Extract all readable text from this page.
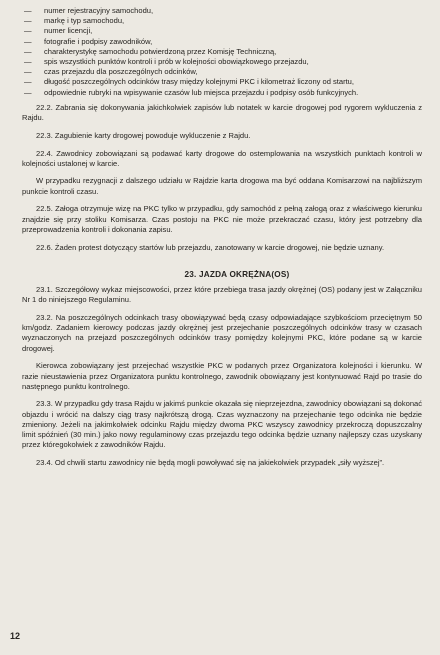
—	numer rejestracyjny samochodu,
—	markę i typ samochodu,
—	numer licencji,
—	fotografie i podpisy zawodników,
—	charakterystykę samochodu potwierdzoną przez Komisję Techniczną,
—	spis wszystkich punktów kontroli i prób w kolejności obowiązkowego przejazdu,
—	czas przejazdu dla poszczególnych odcinków,
—	długość poszczególnych odcinków trasy między kolejnymi PKC i kilometraż liczony od startu,
—	odpowiednie rubryki na wpisywanie czasów lub miejsca przejazdu i podpisy osób funkcyjnych.

22.2. Zabrania się dokonywania jakichkolwiek zapisów lub notatek w karcie drogowej pod rygorem wykluczenia z Rajdu.

22.3. Zagubienie karty drogowej powoduje wykluczenie z Rajdu.

22.4. Zawodnicy zobowiązani są podawać karty drogowe do ostemplowania na wszystkich punktach kontroli w kolejności ustalonej w karcie.

W przypadku rezygnacji z dalszego udziału w Rajdzie karta drogowa ma być oddana Komisarzowi na najbliższym punkcie kontroli czasu.

22.5. Załoga otrzymuje wizę na PKC tylko w przypadku, gdy samochód z pełną załogą oraz z właściwego kierunku znajdzie się przy stoliku Komisarza. Czas postoju na PKC nie może przekraczać czasu, który jest potrzebny dla przeprowadzenia kontroli i dokonania zapisu.

22.6. Żaden protest dotyczący startów lub przejazdu, zanotowany w karcie drogowej, nie będzie uznany.

23. JAZDA OKRĘŻNA(OS)

23.1. Szczegółowy wykaz miejscowości, przez które przebiega trasa jazdy okrężnej (OS) podany jest w Załączniku Nr 1 do niniejszego Regulaminu.

23.2. Na poszczególnych odcinkach trasy obowiązywać będą czasy odpowiadające szybkościom przeciętnym 50 km/godz. Zadaniem kierowcy podczas jazdy okrężnej jest przejechanie poszczególnych odcinków trasy w czasach wyznaczonych na przejazd poszczególnych odcinków trasy pomiędzy kolejnymi PKC, które podane są w karcie drogowej.

Kierowca zobowiązany jest przejechać wszystkie PKC w podanych przez Organizatora kolejności i kierunku. W razie nieustawienia przez Organizatora punktu kontrolnego, zawodnik obowiązany jest kontynuować Rajd po trasie do następnego punktu kontrolnego.

23.3. W przypadku gdy trasa Rajdu w jakimś punkcie okazała się nieprzejezdna, zawodnicy obowiązani są dokonać objazdu i wrócić na dalszy ciąg trasy najkrótszą drogą. Czas wyznaczony na przejechanie tego odcinka nie będzie zmieniony. Jeżeli na jakimkolwiek odcinku Rajdu między dwoma PKC wszyscy zawodnicy przekroczą dopuszczalny limit spóźnień (30 min.) jako nowy regulaminowy czas przejazdu tego odcinka będzie uznany najlepszy czas uzyskany przez któregokolwiek z zawodników Rajdu.

23.4. Od chwili startu zawodnicy nie będą mogli powoływać się na jakiekolwiek przypadek „siły wyższej”.

12
